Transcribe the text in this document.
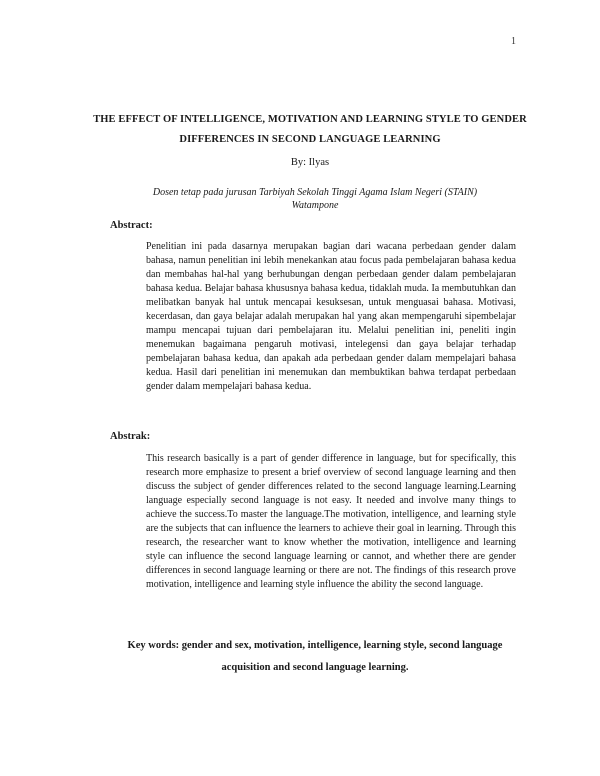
1
THE EFFECT OF INTELLIGENCE, MOTIVATION AND LEARNING STYLE TO GENDER DIFFERENCES IN SECOND LANGUAGE LEARNING
By: Ilyas
Dosen tetap pada jurusan Tarbiyah Sekolah Tinggi Agama Islam Negeri (STAIN) Watampone
Abstract:

Penelitian ini pada dasarnya merupakan bagian dari wacana perbedaan gender dalam bahasa, namun penelitian ini lebih menekankan atau focus pada pembelajaran bahasa kedua dan membahas hal-hal yang berhubungan dengan perbedaan gender dalam pembelajaran bahasa kedua. Belajar bahasa khususnya bahasa kedua, tidaklah muda. Ia membutuhkan dan melibatkan banyak hal untuk mencapai kesuksesan, untuk menguasai bahasa. Motivasi, kecerdasan, dan gaya belajar adalah merupakan hal yang akan mempengaruhi sipembelajar mampu mencapai tujuan dari pembelajaran itu. Melalui penelitian ini, peneliti ingin menemukan bagaimana pengaruh motivasi, intelegensi dan gaya belajar terhadap pembelajaran bahasa kedua, dan apakah ada perbedaan gender dalam mempelajari bahasa kedua. Hasil dari penelitian ini menemukan dan membuktikan bahwa terdapat perbedaan gender dalam mempelajari bahasa kedua.

Abstrak:

This research basically is a part of gender difference in language, but for specifically, this research more emphasize to present a brief overview of second language learning and then discuss the subject of gender differences related to the second language learning.Learning language especially second language is not easy. It needed and involve many things to achieve the success.To master the language.The motivation, intelligence, and learning style are the subjects that can influence the learners to achieve their goal in learning. Through this research, the researcher want to know whether the motivation, intelligence and learning style can influence the second language learning or cannot, and whether there are gender differences in second language learning or there are not. The findings of this research prove motivation, intelligence and learning style influence the ability the second language.

Key words: gender and sex, motivation, intelligence, learning style, second language acquisition and second language learning.
